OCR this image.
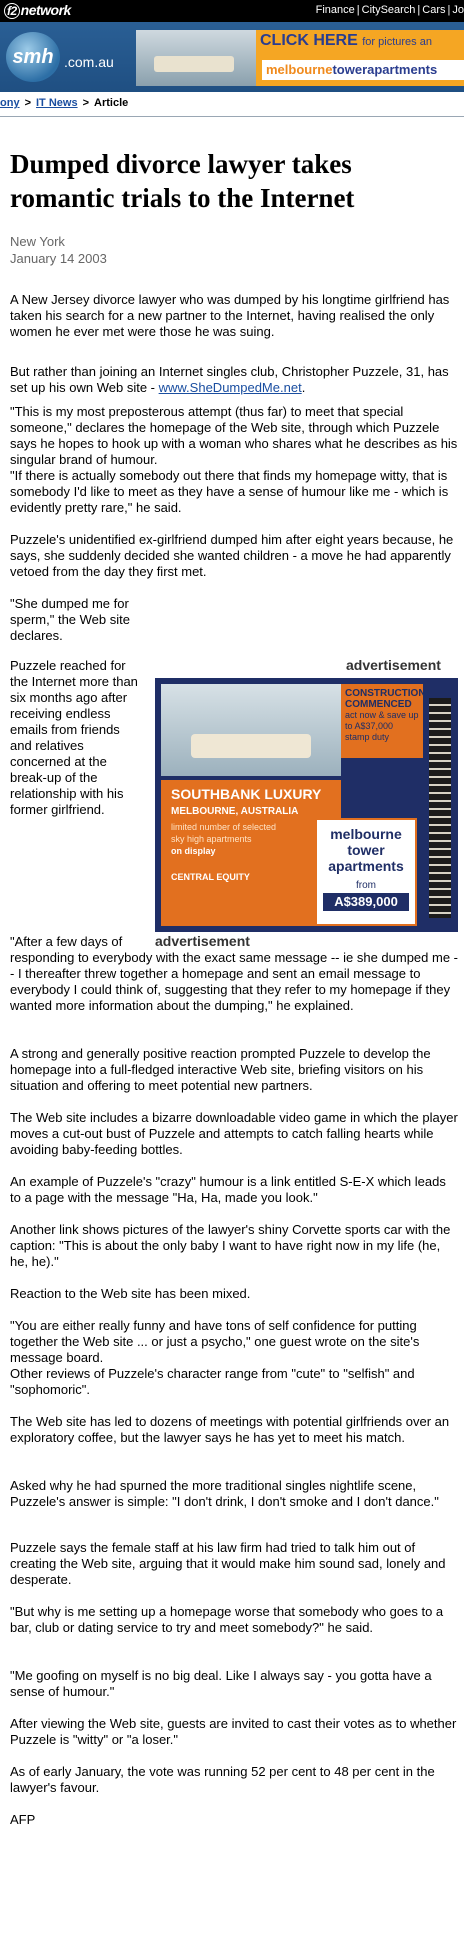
f2 network	Finance | CitySearch | Cars | Jo
smh .com.au
CLICK HERE for pictures an
melbournetowerapartments
ony > IT News > Article
Dumped divorce lawyer takes romantic trials to the Internet
New York
January 14 2003

A New Jersey divorce lawyer who was dumped by his longtime girlfriend has taken his search for a new partner to the Internet, having realised the only women he ever met were those he was suing.

But rather than joining an Internet singles club, Christopher Puzzele, 31, has set up his own Web site - www.SheDumpedMe.net.

"This is my most preposterous attempt (thus far) to meet that special someone," declares the homepage of the Web site, through which Puzzele says he hopes to hook up with a woman who shares what he describes as his singular brand of humour.

"If there is actually somebody out there that finds my homepage witty, that is somebody I'd like to meet as they have a sense of humour like me - which is evidently pretty rare," he said.

Puzzele's unidentified ex-girlfriend dumped him after eight years because, he says, she suddenly decided she wanted children - a move he had apparently vetoed from the day they first met.

"She dumped me for sperm," the Web site declares.

Puzzele reached for the Internet more than six months ago after receiving endless emails from friends and relatives concerned at the break-up of the relationship with his former girlfriend.

"After a few days of

responding to everybody with the exact same message -- ie she dumped me -- I thereafter threw together a homepage and sent an email message to everybody I could think of, suggesting that they refer to my homepage if they wanted more information about the dumping," he explained.

A strong and generally positive reaction prompted Puzzele to develop the homepage into a full-fledged interactive Web site, briefing visitors on his situation and offering to meet potential new partners.

The Web site includes a bizarre downloadable video game in which the player moves a cut-out bust of Puzzele and attempts to catch falling hearts while avoiding baby-feeding bottles.

An example of Puzzele's "crazy" humour is a link entitled S-E-X which leads to a page with the message "Ha, Ha, made you look."

Another link shows pictures of the lawyer's shiny Corvette sports car with the caption: "This is about the only baby I want to have right now in my life (he, he, he)."

Reaction to the Web site has been mixed.

"You are either really funny and have tons of self confidence for putting together the Web site ... or just a psycho," one guest wrote on the site's message board.

Other reviews of Puzzele's character range from "cute" to "selfish" and "sophomoric".

The Web site has led to dozens of meetings with potential girlfriends over an exploratory coffee, but the lawyer says he has yet to meet his match.

Asked why he had spurned the more traditional singles nightlife scene, Puzzele's answer is simple: "I don't drink, I don't smoke and I don't dance."

Puzzele says the female staff at his law firm had tried to talk him out of creating the Web site, arguing that it would make him sound sad, lonely and desperate.

"But why is me setting up a homepage worse that somebody who goes to a bar, club or dating service to try and meet somebody?" he said.

"Me goofing on myself is no big deal. Like I always say - you gotta have a sense of humour."

After viewing the Web site, guests are invited to cast their votes as to whether Puzzele is "witty" or "a loser."

As of early January, the vote was running 52 per cent to 48 per cent in the lawyer's favour.

AFP

advertisement
CONSTRUCTION COMMENCED
act now & save up to A$37,000 stamp duty
SOUTHBANK LUXURY
MELBOURNE, AUSTRALIA
limited number of selected
sky high apartments
on display
CENTRAL EQUITY
melbourne
tower
apartments
from
A$389,000
advertisement
